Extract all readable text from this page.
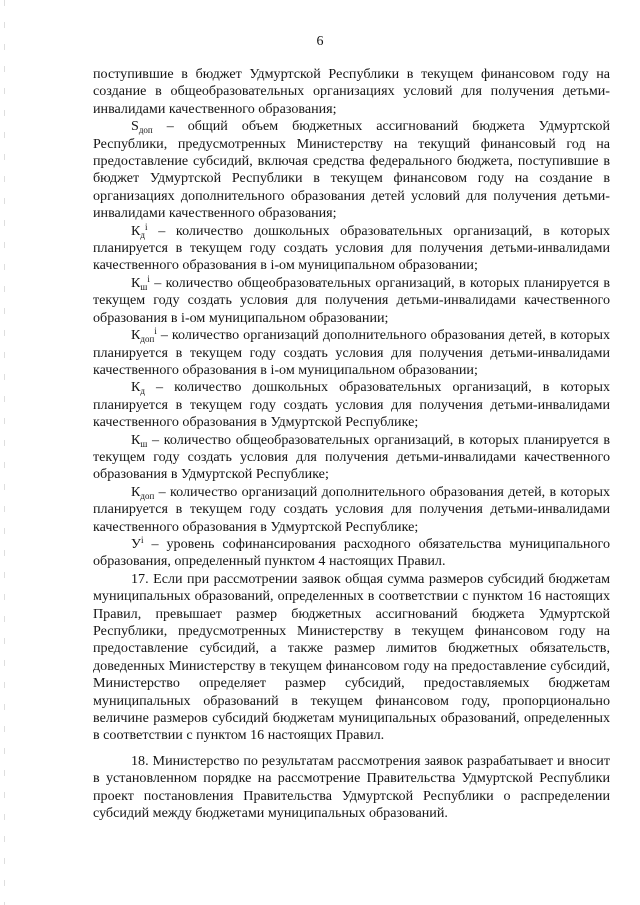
6

поступившие в бюджет Удмуртской Республики в текущем финансовом году на создание в общеобразовательных организациях условий для получения детьми-инвалидами качественного образования;

$S_{доп}$ – общий объем бюджетных ассигнований бюджета Удмуртской Республики, предусмотренных Министерству на текущий финансовый год на предоставление субсидий, включая средства федерального бюджета, поступившие в бюджет Удмуртской Республики в текущем финансовом году на создание в организациях дополнительного образования детей условий для получения детьми-инвалидами качественного образования;

$К_д^i$ – количество дошкольных образовательных организаций, в которых планируется в текущем году создать условия для получения детьми-инвалидами качественного образования в i-ом муниципальном образовании;

$К_ш^i$ – количество общеобразовательных организаций, в которых планируется в текущем году создать условия для получения детьми-инвалидами качественного образования в i-ом муниципальном образовании;

$К_{доп}^i$ – количество организаций дополнительного образования детей, в которых планируется в текущем году создать условия для получения детьми-инвалидами качественного образования в i-ом муниципальном образовании;

$К_д$ – количество дошкольных образовательных организаций, в которых планируется в текущем году создать условия для получения детьми-инвалидами качественного образования в Удмуртской Республике;

$К_ш$ – количество общеобразовательных организаций, в которых планируется в текущем году создать условия для получения детьми-инвалидами качественного образования в Удмуртской Республике;

$К_{доп}$ – количество организаций дополнительного образования детей, в которых планируется в текущем году создать условия для получения детьми-инвалидами качественного образования в Удмуртской Республике;

$У^i$ – уровень софинансирования расходного обязательства муниципального образования, определенный пунктом 4 настоящих Правил.

17. Если при рассмотрении заявок общая сумма размеров субсидий бюджетам муниципальных образований, определенных в соответствии с пунктом 16 настоящих Правил, превышает размер бюджетных ассигнований бюджета Удмуртской Республики, предусмотренных Министерству в текущем финансовом году на предоставление субсидий, а также размер лимитов бюджетных обязательств, доведенных Министерству в текущем финансовом году на предоставление субсидий, Министерство определяет размер субсидий, предоставляемых бюджетам муниципальных образований в текущем финансовом году, пропорционально величине размеров субсидий бюджетам муниципальных образований, определенных в соответствии с пунктом 16 настоящих Правил.

18. Министерство по результатам рассмотрения заявок разрабатывает и вносит в установленном порядке на рассмотрение Правительства Удмуртской Республики проект постановления Правительства Удмуртской Республики о распределении субсидий между бюджетами муниципальных образований.
